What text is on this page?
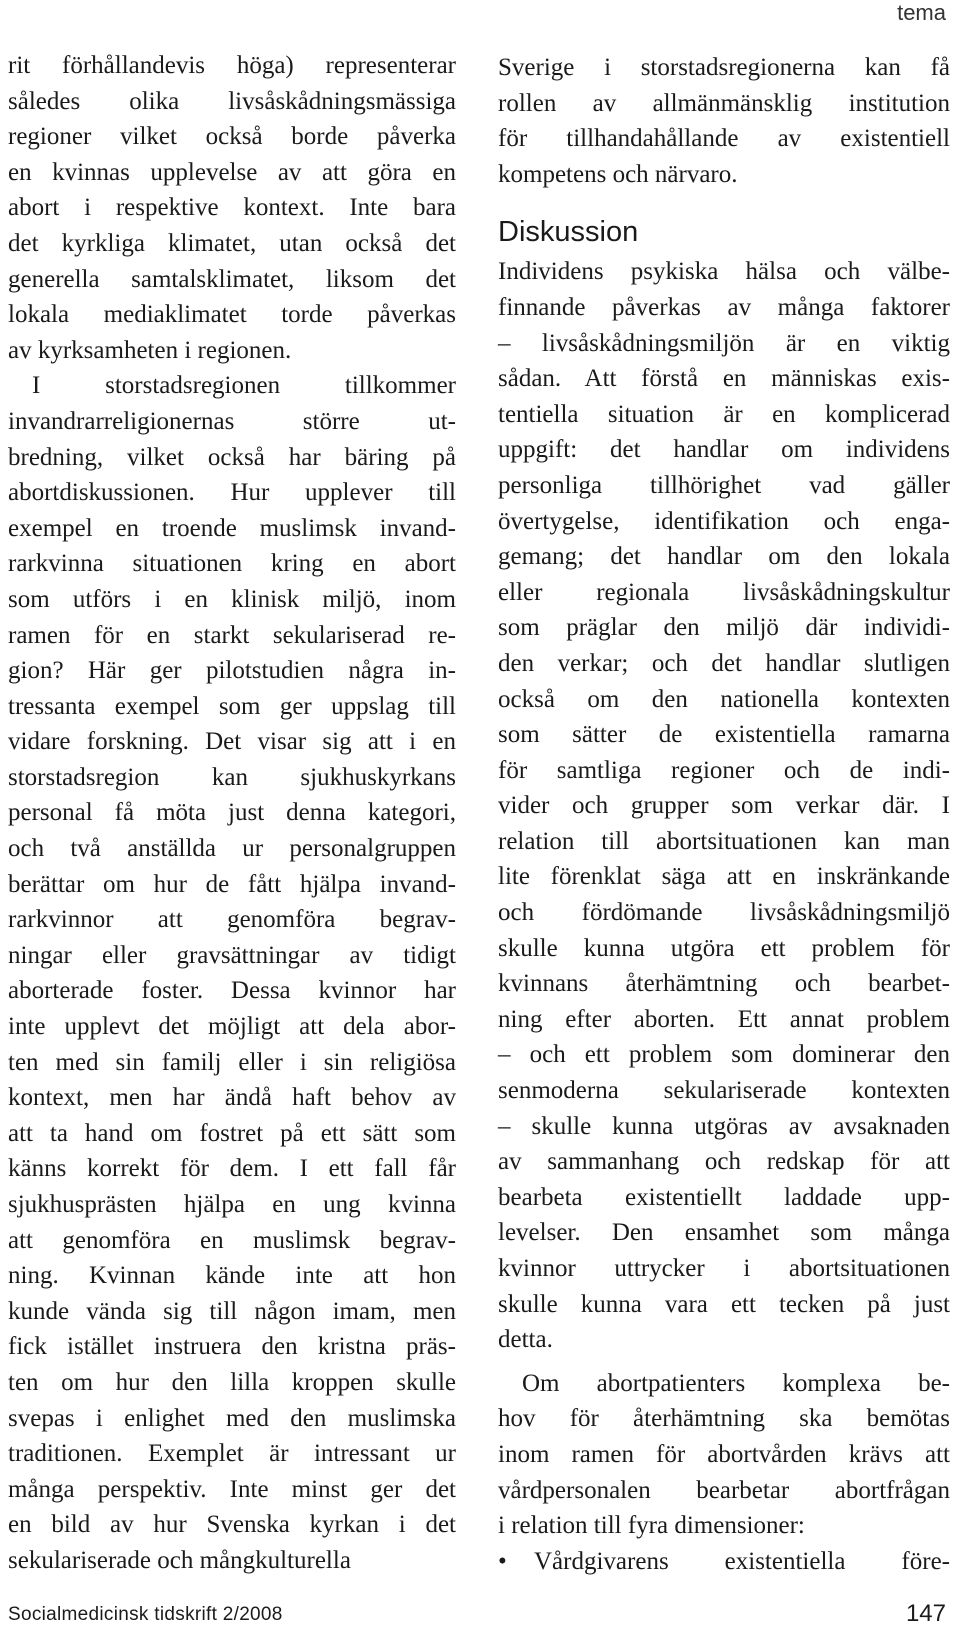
tema
rit förhållandevis höga) representerar
således olika livsåskådningsmässiga
regioner vilket också borde påverka
en kvinnas upplevelse av att göra en
abort i respektive kontext. Inte bara
det kyrkliga klimatet, utan också det
generella samtalsklimatet, liksom det
lokala mediaklimatet torde påverkas
av kyrksamheten i regionen.
I storstadsregionen tillkommer
invandrarreligionernas större ut-
bredning, vilket också har bäring på
abortdiskussionen. Hur upplever till
exempel en troende muslimsk invand-
rarkvinna situationen kring en abort
som utförs i en klinisk miljö, inom
ramen för en starkt sekulariserad re-
gion? Här ger pilotstudien några in-
tressanta exempel som ger uppslag till
vidare forskning. Det visar sig att i en
storstadsregion kan sjukhuskyrkans
personal få möta just denna kategori,
och två anställda ur personalgruppen
berättar om hur de fått hjälpa invand-
rarkvinnor att genomföra begrav-
ningar eller gravsättningar av tidigt
aborterade foster. Dessa kvinnor har
inte upplevt det möjligt att dela abor-
ten med sin familj eller i sin religiösa
kontext, men har ändå haft behov av
att ta hand om fostret på ett sätt som
känns korrekt för dem. I ett fall får
sjukhusprästen hjälpa en ung kvinna
att genomföra en muslimsk begrav-
ning. Kvinnan kände inte att hon
kunde vända sig till någon imam, men
fick istället instruera den kristna präs-
ten om hur den lilla kroppen skulle
svepas i enlighet med den muslimska
traditionen. Exemplet är intressant ur
många perspektiv. Inte minst ger det
en bild av hur Svenska kyrkan i det
sekulariserade och mångkulturella
Sverige i storstadsregionerna kan få
rollen av allmänmänsklig institution
för tillhandahållande av existentiell
kompetens och närvaro.
Diskussion
Individens psykiska hälsa och välbe-
finnande påverkas av många faktorer
– livsåskådningsmiljön är en viktig
sådan. Att förstå en människas exis-
tentiella situation är en komplicerad
uppgift: det handlar om individens
personliga tillhörighet vad gäller
övertygelse, identifikation och enga-
gemang; det handlar om den lokala
eller regionala livsåskådningskultur
som präglar den miljö där individi-
den verkar; och det handlar slutligen
också om den nationella kontexten
som sätter de existentiella ramarna
för samtliga regioner och de indi-
vider och grupper som verkar där. I
relation till abortsituationen kan man
lite förenklat säga att en inskränkande
och fördömande livsåskådningsmiljö
skulle kunna utgöra ett problem för
kvinnans återhämtning och bearbet-
ning efter aborten. Ett annat problem
– och ett problem som dominerar den
senmoderna sekulariserade kontexten
– skulle kunna utgöras av avsaknaden
av sammanhang och redskap för att
bearbeta existentiellt laddade upp-
levelser. Den ensamhet som många
kvinnor uttrycker i abortsituationen
skulle kunna vara ett tecken på just
detta.
Om abortpatienters komplexa be-
hov för återhämtning ska bemötas
inom ramen för abortvården krävs att
vårdpersonalen bearbetar abortfrågan
i relation till fyra dimensioner:
• Vårdgivarens existentiella före-
Socialmedicinsk tidskrift 2/2008	147
